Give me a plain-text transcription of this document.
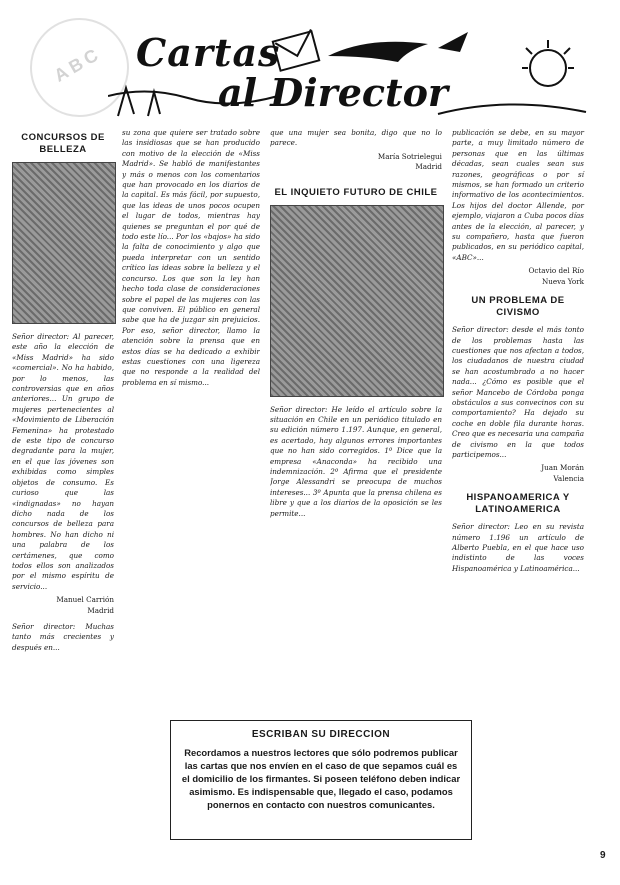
ABC Cartas
al Director
CONCURSOS DE BELLEZA

Señor director: Al parecer, este año la elección de «Miss Madrid» ha sido «comercial». No ha habido, por lo menos, las controversias que en años anteriores... Un grupo de mujeres pertenecientes al «Movimiento de Liberación Femenina» ha protestado de este tipo de concurso degradante para la mujer, en el que las jóvenes son exhibidas como simples objetos de consumo. Es curioso que las «indignadas» no hayan dicho nada de los concursos de belleza para hombres. No han dicho ni una palabra de los certámenes, que como todos ellos son analizados por el mismo espíritu de servicio...

Manuel Carrión
Madrid

Señor director: Muchas tanto más crecientes y después en...

su zona que quiere ser tratado sobre las insidiosas que se han producido con motivo de la elección de «Miss Madrid». Se habló de manifestantes y más o menos con los comentarios que han provocado en los diarios de la capital. Es más fácil, por supuesto, que las ideas de unos pocos ocupen el lugar de todos, mientras hay quienes se preguntan el por qué de todo este lío... Por los «bajos» ha sido la falta de conocimiento y algo que pueda interpretar con un sentido crítico las ideas sobre la belleza y el concurso. Los que son la ley han hecho toda clase de consideraciones sobre el papel de las mujeres con las que conviven. El público en general sabe que ha de juzgar sin prejuicios. Por eso, señor director, llamo la atención sobre la prensa que en estos días se ha dedicado a exhibir estas cuestiones con una ligereza que no responde a la realidad del problema en sí mismo...

que una mujer sea bonita, digo que no lo parece.

María Sotrielegui
Madrid

EL INQUIETO FUTURO DE CHILE

Señor director: He leído el artículo sobre la situación en Chile en un periódico titulado en su edición número 1.197. Aunque, en general, es acertado, hay algunos errores importantes que no han sido corregidos. 1º Dice que la empresa «Anaconda» ha recibido una indemnización. 2º Afirma que el presidente Jorge Alessandri se preocupa de muchos intereses... 3º Apunta que la prensa chilena es libre y que a los diarios de la oposición se les permite...

publicación se debe, en su mayor parte, a muy limitado número de personas que en las últimas décadas, sean cuales sean sus razones, geográficas o por sí mismos, se han formado un criterio informativo de los acontecimientos. Los hijos del doctor Allende, por ejemplo, viajaron a Cuba pocos días antes de la elección, al parecer, y su compañero, hasta que fueron publicados, en su periódico capital, «ABC»...

Octavio del Río
Nueva York

UN PROBLEMA DE CIVISMO

Señor director: desde el más tonto de los problemas hasta las cuestiones que nos afectan a todos, los ciudadanos de nuestra ciudad se han acostumbrado a no hacer nada... ¿Cómo es posible que el señor Mancebo de Córdoba ponga obstáculos a sus convecinos con su comportamiento? Ha dejado su coche en doble fila durante horas. Creo que es necesaria una campaña de civismo en la que todos participemos...

Juan Morán
Valencia

HISPANOAMERICA Y LATINOAMERICA

Señor director: Leo en su revista número 1.196 un artículo de Alberto Puebla, en el que hace uso indistinto de las voces Hispanoamérica y Latinoamérica...

ESCRIBAN SU DIRECCION
Recordamos a nuestros lectores que sólo podremos publicar las cartas que nos envíen en el caso de que sepamos cuál es el domicilio de los firmantes. Si poseen teléfono deben indicar asimismo. Es indispensable que, llegado el caso, podamos ponernos en contacto con nuestros comunicantes.
9
